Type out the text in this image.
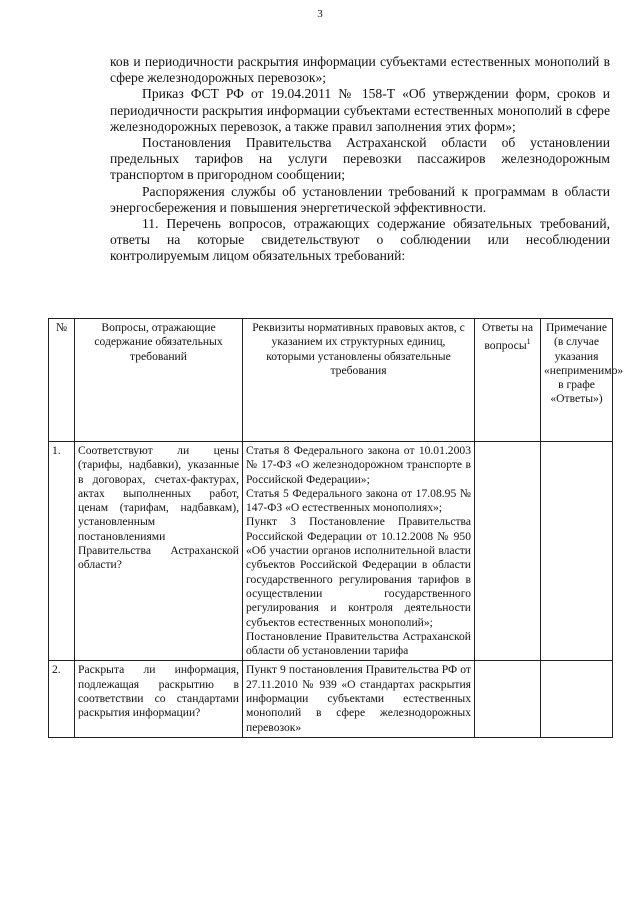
3

ков и периодичности раскрытия информации субъектами естественных монополий в сфере железнодорожных перевозок»;

Приказ ФСТ РФ от 19.04.2011 № 158-Т «Об утверждении форм, сроков и периодичности раскрытия информации субъектами естественных монополий в сфере железнодорожных перевозок, а также правил заполнения этих форм»;

Постановления Правительства Астраханской области об установлении предельных тарифов на услуги перевозки пассажиров железнодорожным транспортом в пригородном сообщении;

Распоряжения службы об установлении требований к программам в области энергосбережения и повышения энергетической эффективности.

11. Перечень вопросов, отражающих содержание обязательных требований, ответы на которые свидетельствуют о соблюдении или несоблюдении контролируемым лицом обязательных требований:

№	Вопросы, отражающие содержание обязательных требований	Реквизиты нормативных правовых актов, с указанием их структурных единиц, которыми установлены обязательные требования	Ответы на вопросы$^1$	Примечание (в случае указания «неприменимо» в графе «Ответы»)
1.	Соответствуют ли цены (тарифы, надбавки), указанные в договорах, счетах-фактурах, актах выполненных работ, ценам (тарифам, надбавкам), установленным постановлениями Правительства Астраханской области?	Статья 8 Федерального закона от 10.01.2003 № 17-ФЗ «О железнодорожном транспорте в Российской Федерации»;
Статья 5 Федерального закона от 17.08.95 № 147-ФЗ «О естественных монополиях»;
Пункт 3 Постановление Правительства Российской Федерации от 10.12.2008 № 950 «Об участии органов исполнительной власти субъектов Российской Федерации в области государственного регулирования тарифов в осуществлении государственного регулирования и контроля деятельности субъектов естественных монополий»;
Постановление Правительства Астраханской области об установлении тарифа		

2.	Раскрыта ли информация, подлежащая раскрытию в соответствии со стандартами раскрытия информации?	Пункт 9 постановления Правительства РФ от 27.11.2010 № 939 «О стандартах раскрытия информации субъектами естественных монополий в сфере железнодорожных перевозок»		
